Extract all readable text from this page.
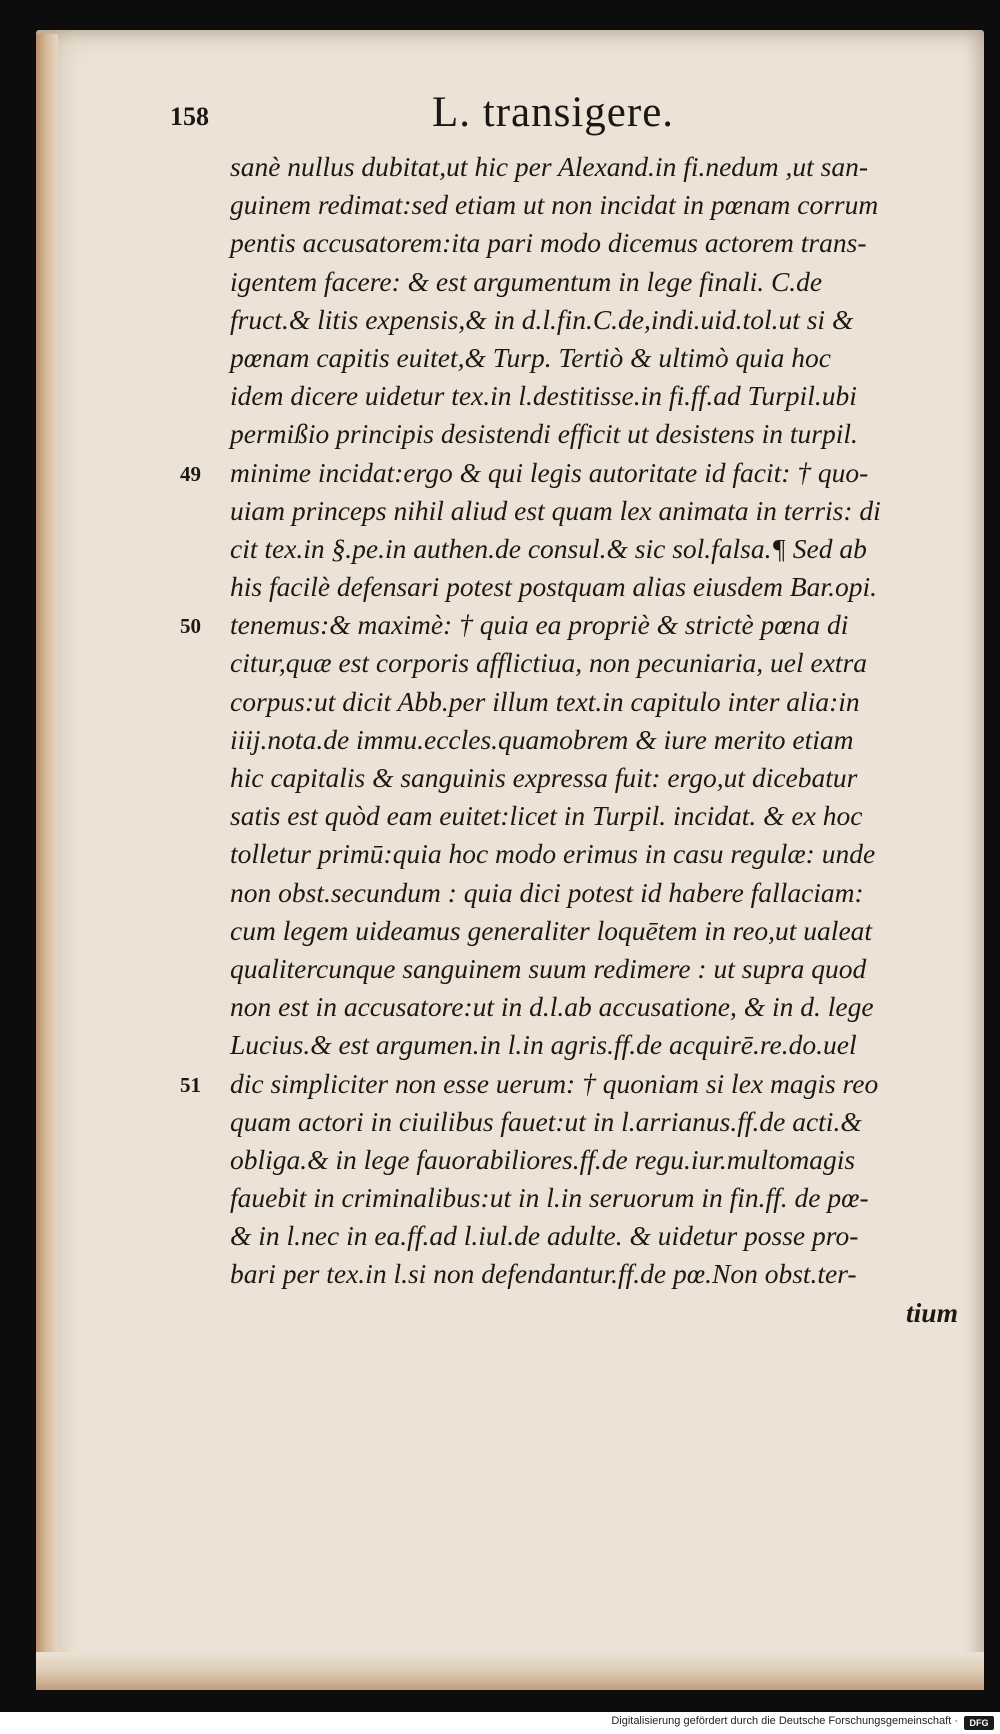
158	L. transigere.
sanè nullus dubitat,ut hic per Alexand.in fi.nedum ,ut san-
guinem redimat:sed etiam ut non incidat in pœnam corrum
pentis accusatorem:ita pari modo dicemus actorem trans-
igentem facere: & est argumentum in lege finali. C.de
fruct.& litis expensis,& in d.l.fin.C.de,indi.uid.tol.ut si &
pœnam capitis euitet,& Turp. Tertiò & ultimò quia hoc
idem dicere uidetur tex.in l.destitisse.in fi.ff.ad Turpil.ubi
permißio principis desistendi efficit ut desistens in turpil.
49 minime incidat:ergo & qui legis autoritate id facit: † quo-
uiam princeps nihil aliud est quam lex animata in terris: di
cit tex.in §.pe.in authen.de consul.& sic sol.falsa.¶ Sed ab
his facilè defensari potest postquam alias eiusdem Bar.opi.
50 tenemus:& maximè: † quia ea propriè & strictè pœna di
citur,quæ est corporis afflictiua, non pecuniaria, uel extra
corpus:ut dicit Abb.per illum text.in capitulo inter alia:in
iiij.nota.de immu.eccles.quamobrem & iure merito etiam
hic capitalis & sanguinis expressa fuit: ergo,ut dicebatur
satis est quòd eam euitet:licet in Turpil. incidat. & ex hoc
tolletur primū:quia hoc modo erimus in casu regulæ: unde
non obst.secundum : quia dici potest id habere fallaciam:
cum legem uideamus generaliter loquētem in reo,ut ualeat
qualitercunque sanguinem suum redimere : ut supra quod
non est in accusatore:ut in d.l.ab accusatione, & in d. lege
Lucius.& est argumen.in l.in agris.ff.de acquirē.re.do.uel
51 dic simpliciter non esse uerum: † quoniam si lex magis reo
quam actori in ciuilibus fauet:ut in l.arrianus.ff.de acti.&
obliga.& in lege fauorabiliores.ff.de regu.iur.multomagis
fauebit in criminalibus:ut in l.in seruorum in fin.ff. de pœ-
& in l.nec in ea.ff.ad l.iul.de adulte. & uidetur posse pro-
bari per tex.in l.si non defendantur.ff.de pœ.Non obst.ter-
tium
Digitalisierung gefördert durch die Deutsche Forschungsgemeinschaft ·	DFG
